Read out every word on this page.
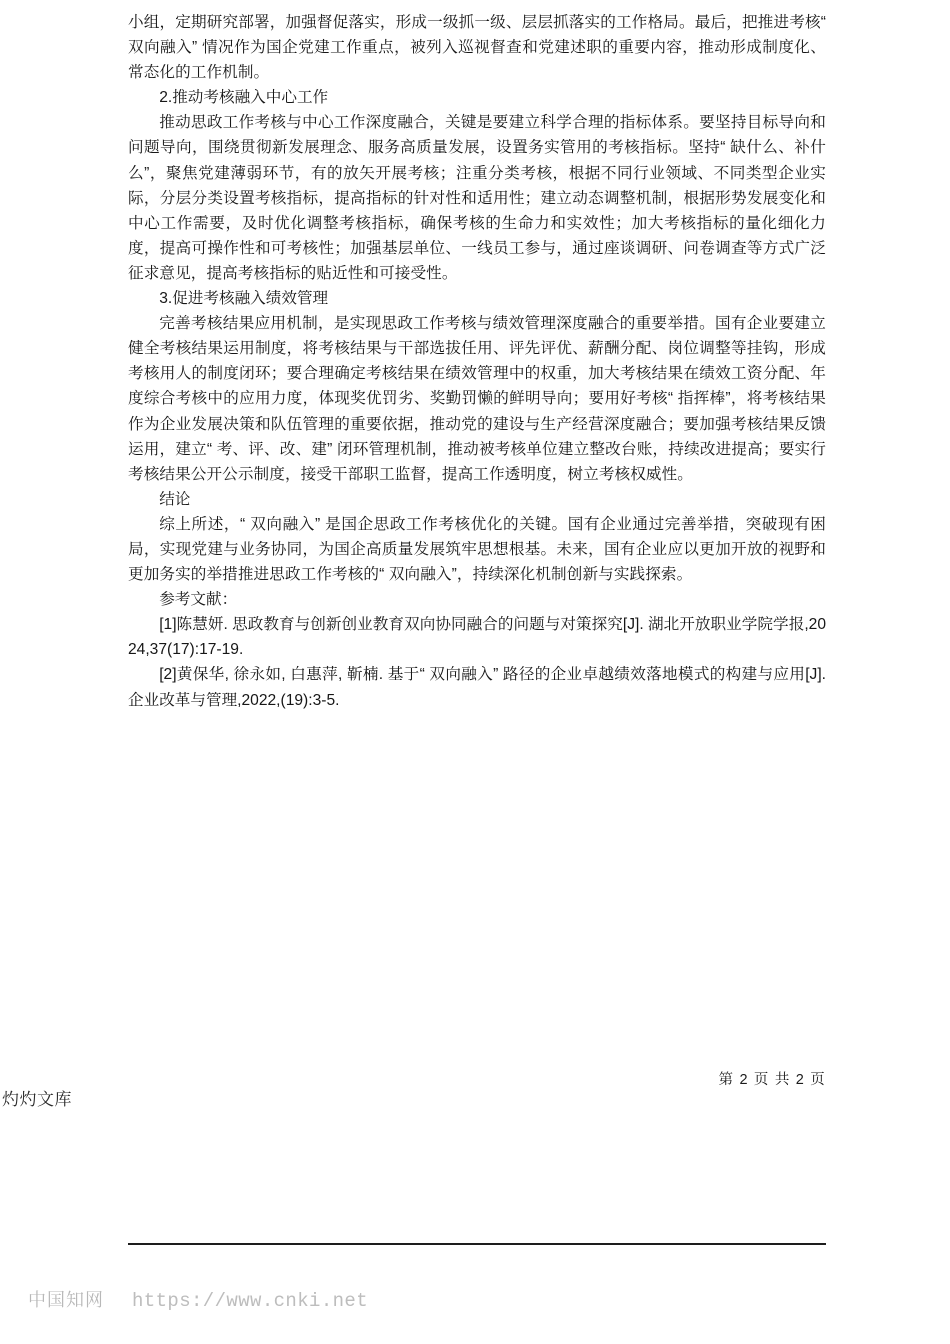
小组，定期研究部署，加强督促落实，形成一级抓一级、层层抓落实的工作格局。最后，把推进考核“ 双向融入” 情况作为国企党建工作重点，被列入巡视督查和党建述职的重要内容，推动形成制度化、常态化的工作机制。

2.推动考核融入中心工作

推动思政工作考核与中心工作深度融合，关键是要建立科学合理的指标体系。要坚持目标导向和问题导向，围绕贯彻新发展理念、服务高质量发展，设置务实管用的考核指标。坚持“ 缺什么、补什么”，聚焦党建薄弱环节，有的放矢开展考核；注重分类考核，根据不同行业领域、不同类型企业实际，分层分类设置考核指标，提高指标的针对性和适用性；建立动态调整机制，根据形势发展变化和中心工作需要，及时优化调整考核指标，确保考核的生命力和实效性；加大考核指标的量化细化力度，提高可操作性和可考核性；加强基层单位、一线员工参与，通过座谈调研、问卷调查等方式广泛征求意见，提高考核指标的贴近性和可接受性。

3.促进考核融入绩效管理

完善考核结果应用机制，是实现思政工作考核与绩效管理深度融合的重要举措。国有企业要建立健全考核结果运用制度，将考核结果与干部选拔任用、评先评优、薪酬分配、岗位调整等挂钩，形成考核用人的制度闭环；要合理确定考核结果在绩效管理中的权重，加大考核结果在绩效工资分配、年度综合考核中的应用力度，体现奖优罚劣、奖勤罚懒的鲜明导向；要用好考核“ 指挥棒”，将考核结果作为企业发展决策和队伍管理的重要依据，推动党的建设与生产经营深度融合；要加强考核结果反馈运用，建立“ 考、评、改、建” 闭环管理机制，推动被考核单位建立整改台账，持续改进提高；要实行考核结果公开公示制度，接受干部职工监督，提高工作透明度，树立考核权威性。

结论

综上所述，“ 双向融入” 是国企思政工作考核优化的关键。国有企业通过完善举措，突破现有困局，实现党建与业务协同，为国企高质量发展筑牢思想根基。未来，国有企业应以更加开放的视野和更加务实的举措推进思政工作考核的“ 双向融入”，持续深化机制创新与实践探索。

参考文献：

[1]陈慧妍. 思政教育与创新创业教育双向协同融合的问题与对策探究[J]. 湖北开放职业学院学报,2024,37(17):17-19.

[2]黄保华, 徐永如, 白惠萍, 靳楠. 基于“ 双向融入” 路径的企业卓越绩效落地模式的构建与应用[J]. 企业改革与管理,2022,(19):3-5.

第 2 页 共 2 页
灼灼文库
中国知网 https://www.cnki.net
